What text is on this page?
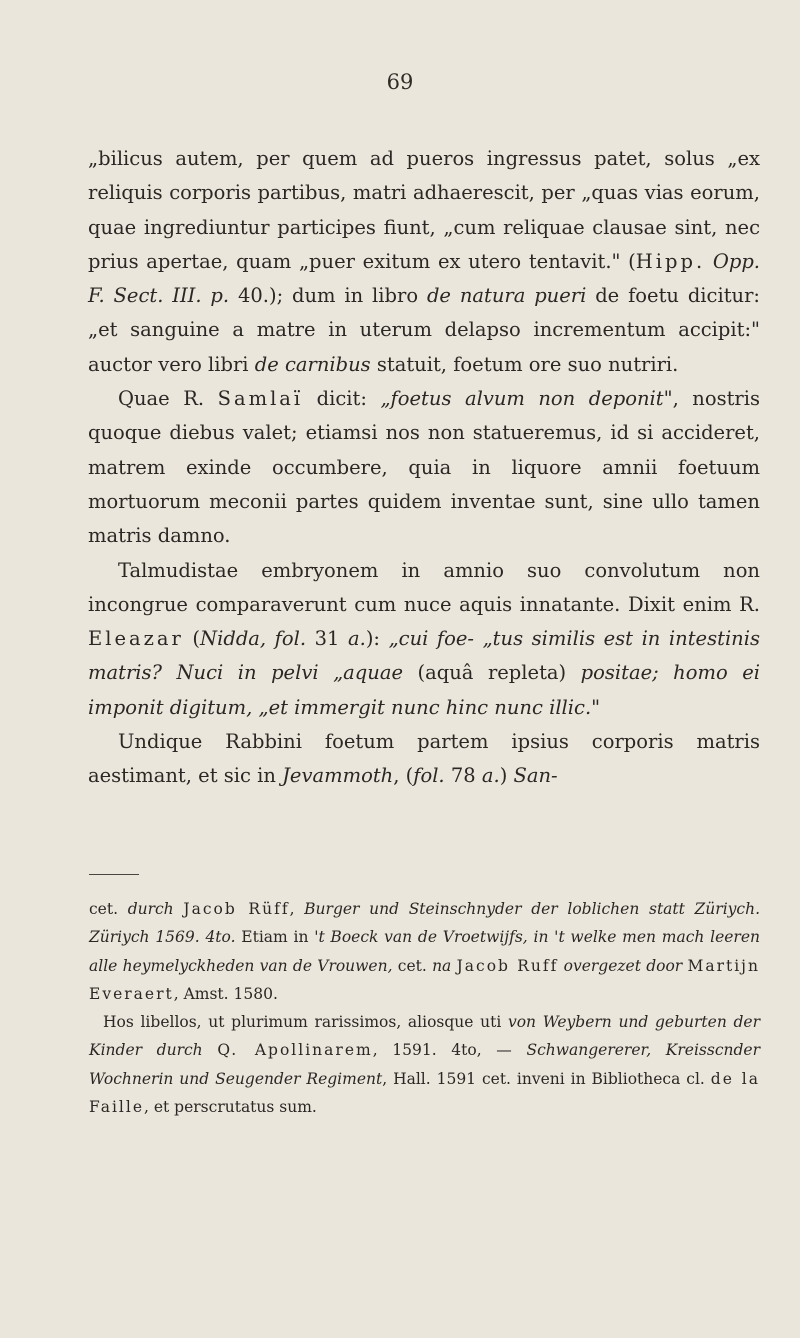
69

„bilicus autem, per quem ad pueros ingressus patet, solus „ex reliquis corporis partibus, matri adhaerescit, per „quas vias eorum, quae ingrediuntur participes fiunt, „cum reliquae clausae sint, nec prius apertae, quam „puer exitum ex utero tentavit." (Hipp. Opp. F. Sect. III. p. 40.); dum in libro de natura pueri de foetu dicitur: „et sanguine a matre in uterum delapso incrementum accipit:" auctor vero libri de carnibus statuit, foetum ore suo nutriri.

Quae R. Samlaï dicit: „foetus alvum non deponit", nostris quoque diebus valet; etiamsi nos non statueremus, id si accideret, matrem exinde occumbere, quia in liquore amnii foetuum mortuorum meconii partes quidem inventae sunt, sine ullo tamen matris damno.

Talmudistae embryonem in amnio suo convolutum non incongrue comparaverunt cum nuce aquis innatante. Dixit enim R. Eleazar (Nidda, fol. 31 a.): „cui foe- „tus similis est in intestinis matris? Nuci in pelvi „aquae (aquâ repleta) positae; homo ei imponit digitum, „et immergit nunc hinc nunc illic."

Undique Rabbini foetum partem ipsius corporis matris aestimant, et sic in Jevammoth, (fol. 78 a.) San-

cet. durch Jacob Rüff, Burger und Steinschnyder der loblichen statt Züriych. Züriych 1569. 4to. Etiam in 't Boeck van de Vroetwijfs, in 't welke men mach leeren alle heymelyckheden van de Vrouwen, cet. na Jacob Ruff overgezet door Martijn Everaert, Amst. 1580.

Hos libellos, ut plurimum rarissimos, aliosque uti von Weybern und geburten der Kinder durch Q. Apollinarem, 1591. 4to, — Schwangererer, Kreisscnder Wochnerin und Seugender Regiment, Hall. 1591 cet. inveni in Bibliotheca cl. de la Faille, et perscrutatus sum.
